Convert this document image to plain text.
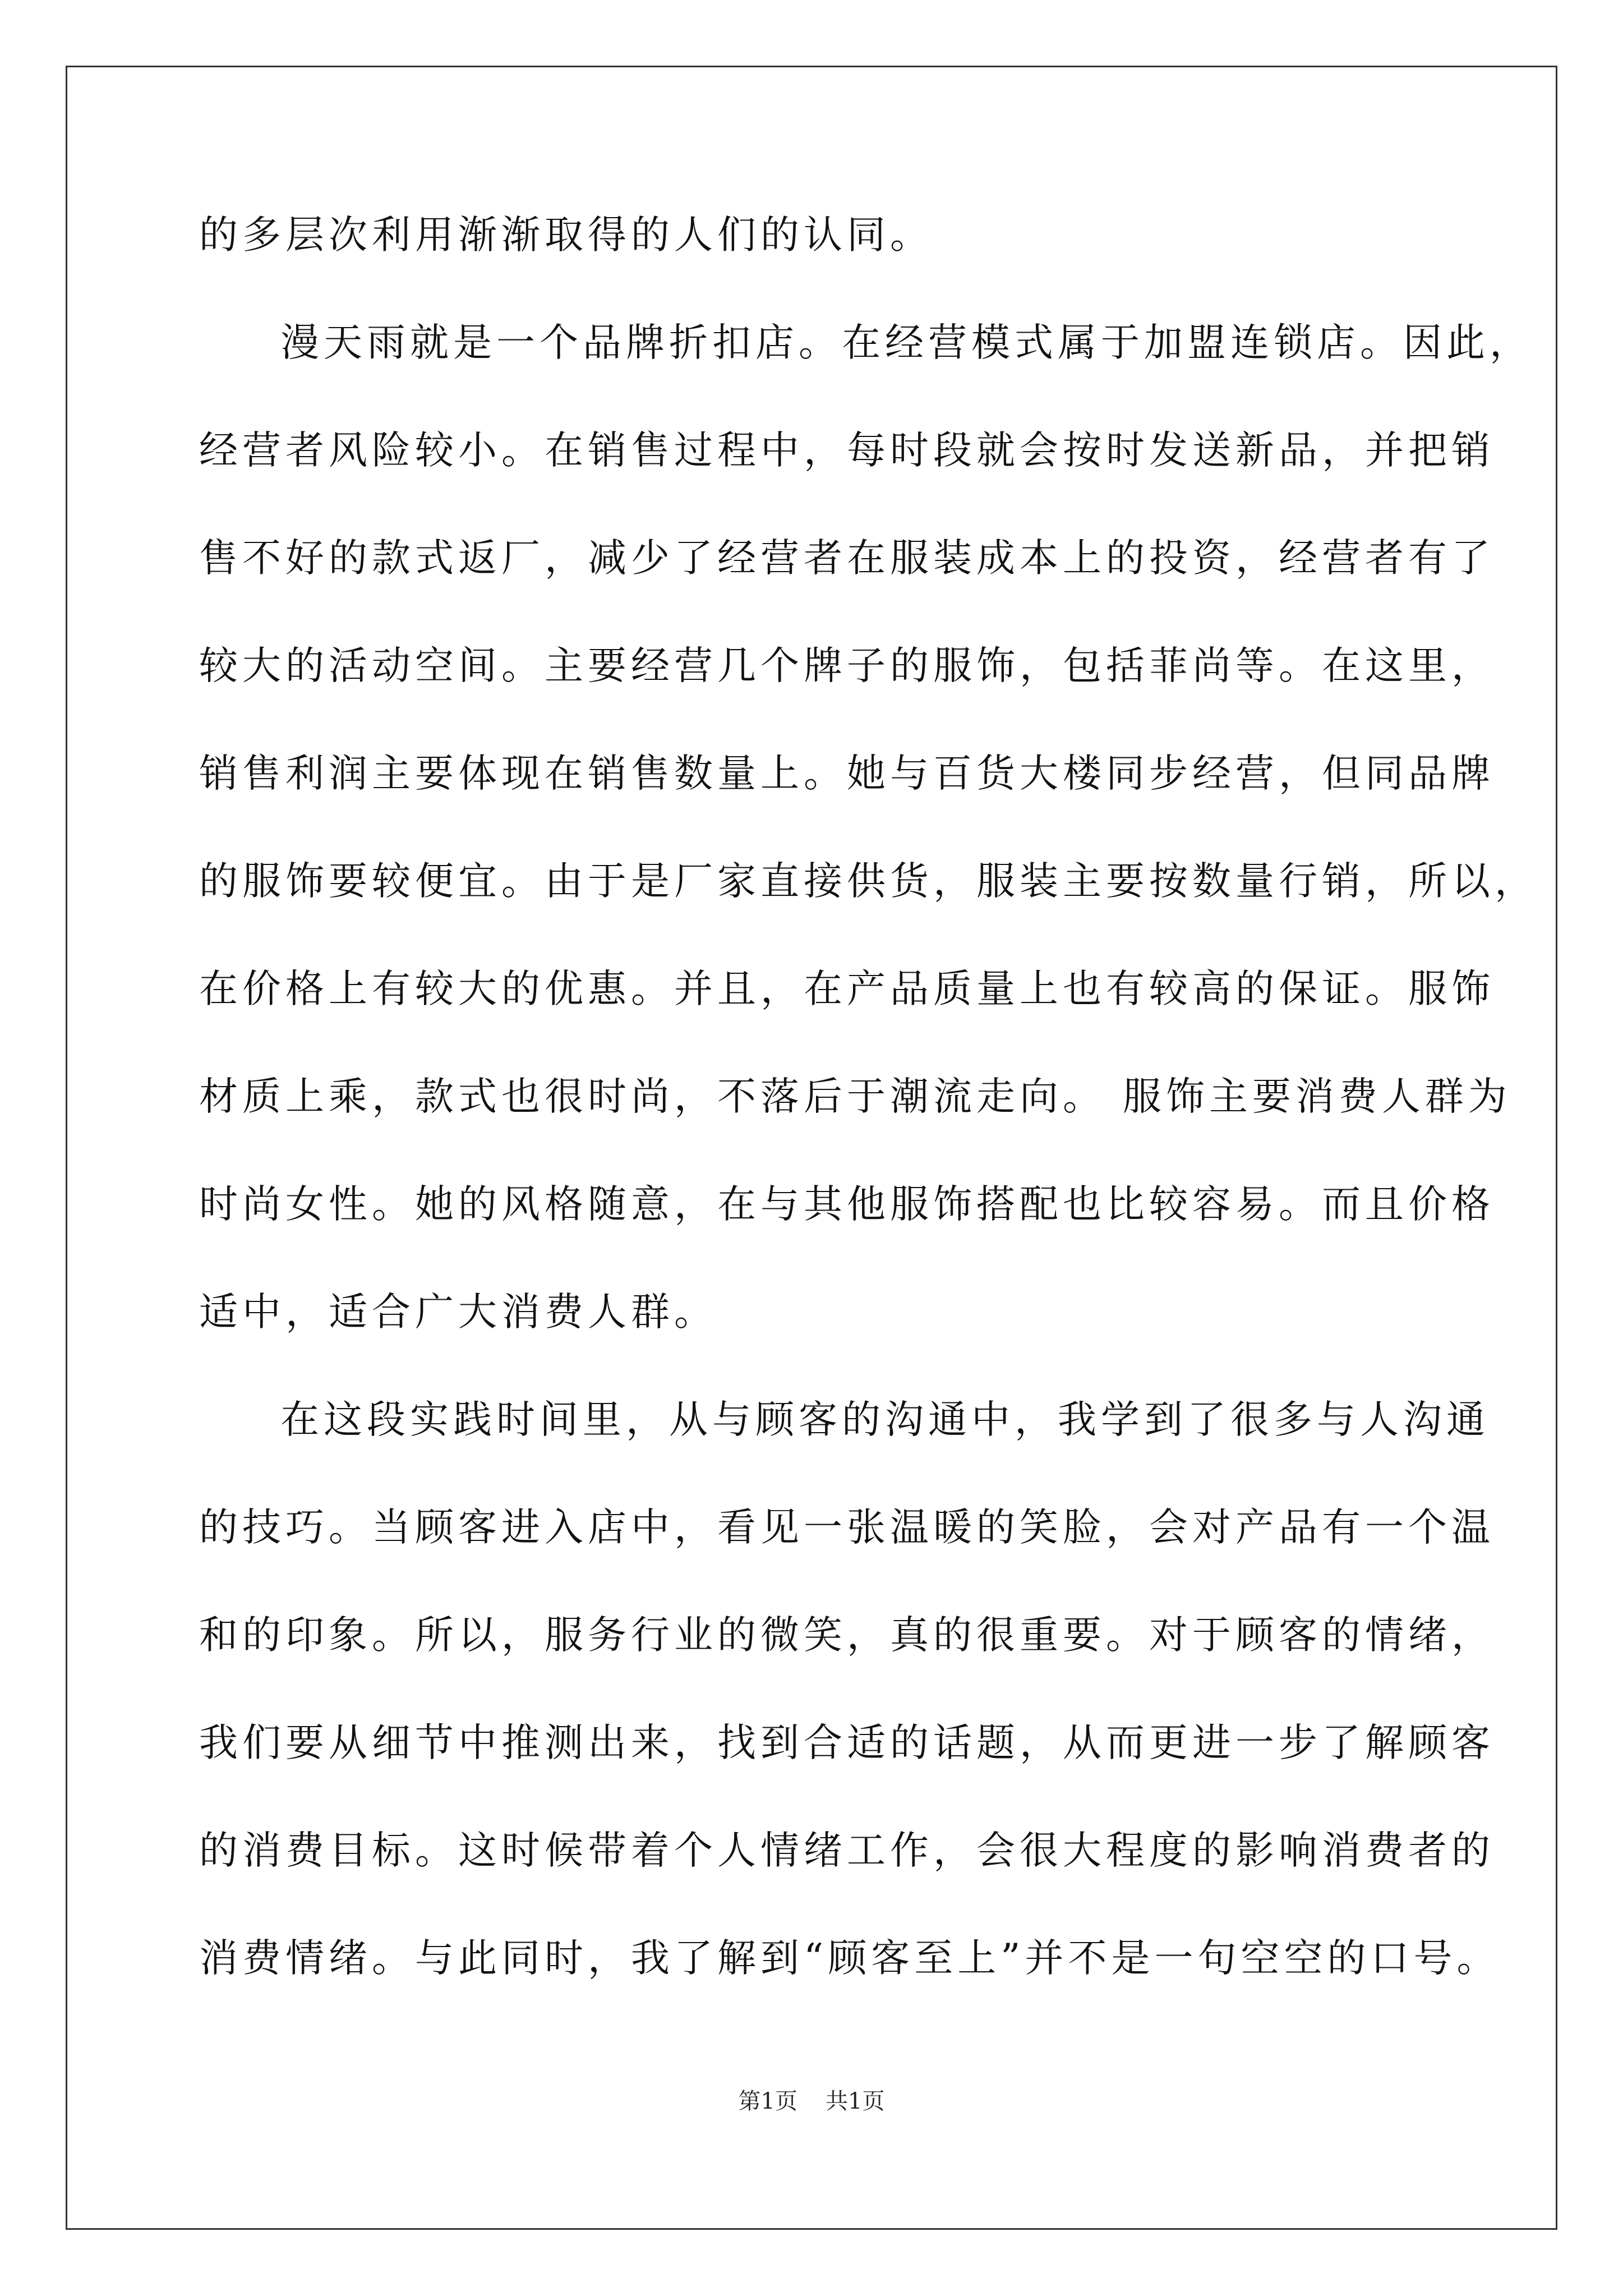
的多层次利用渐渐取得的人们的认同。
漫天雨就是一个品牌折扣店。在经营模式属于加盟连锁店。因此，
经营者风险较小。在销售过程中，每时段就会按时发送新品，并把销
售不好的款式返厂，减少了经营者在服装成本上的投资，经营者有了
较大的活动空间。主要经营几个牌子的服饰，包括菲尚等。在这里，
销售利润主要体现在销售数量上。她与百货大楼同步经营，但同品牌
的服饰要较便宜。由于是厂家直接供货，服装主要按数量行销，所以，
在价格上有较大的优惠。并且，在产品质量上也有较高的保证。服饰
材质上乘，款式也很时尚，不落后于潮流走向。 服饰主要消费人群为
时尚女性。她的风格随意，在与其他服饰搭配也比较容易。而且价格
适中，适合广大消费人群。
在这段实践时间里，从与顾客的沟通中，我学到了很多与人沟通
的技巧。当顾客进入店中，看见一张温暖的笑脸，会对产品有一个温
和的印象。所以，服务行业的微笑，真的很重要。对于顾客的情绪，
我们要从细节中推测出来，找到合适的话题，从而更进一步了解顾客
的消费目标。这时候带着个人情绪工作，会很大程度的影响消费者的
消费情绪。与此同时，我了解到“顾客至上”并不是一句空空的口号。
第1页 共1页
